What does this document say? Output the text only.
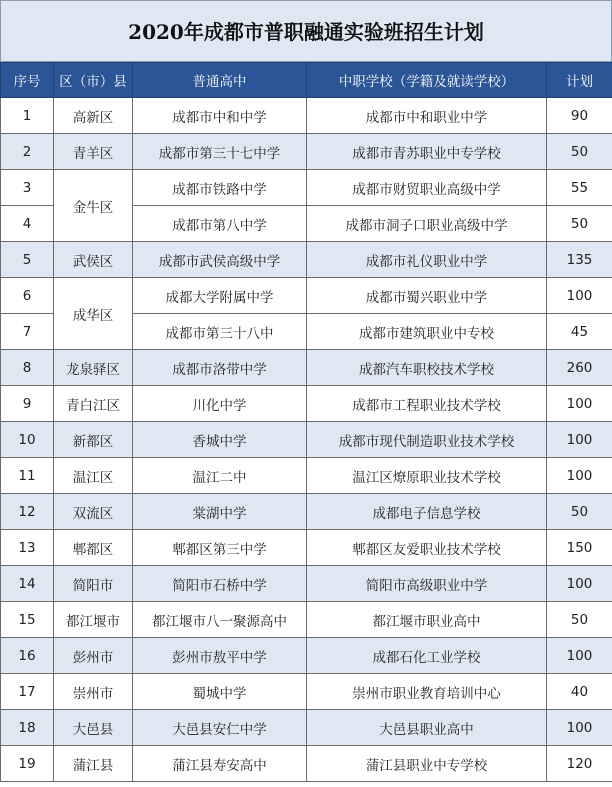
2020年成都市普职融通实验班招生计划
序号	区（市）县	普通高中	中职学校（学籍及就读学校）	计划
1	高新区	成都市中和中学	成都市中和职业中学	90
2	青羊区	成都市第三十七中学	成都市青苏职业中专学校	50
3	金牛区	成都市铁路中学	成都市财贸职业高级中学	55
4		成都市第八中学	成都市洞子口职业高级中学	50
5	武侯区	成都市武侯高级中学	成都市礼仪职业中学	135
6	成华区	成都大学附属中学	成都市蜀兴职业中学	100
7		成都市第三十八中	成都市建筑职业中专校	45
8	龙泉驿区	成都市洛带中学	成都汽车职校技术学校	260
9	青白江区	川化中学	成都市工程职业技术学校	100
10	新都区	香城中学	成都市现代制造职业技术学校	100
11	温江区	温江二中	温江区燎原职业技术学校	100
12	双流区	棠湖中学	成都电子信息学校	50
13	郫都区	郫都区第三中学	郫都区友爱职业技术学校	150
14	简阳市	简阳市石桥中学	简阳市高级职业中学	100
15	都江堰市	都江堰市八一聚源高中	都江堰市职业高中	50
16	彭州市	彭州市敖平中学	成都石化工业学校	100
17	崇州市	蜀城中学	崇州市职业教育培训中心	40
18	大邑县	大邑县安仁中学	大邑县职业高中	100
19	蒲江县	蒲江县寿安高中	蒲江县职业中专学校	120
